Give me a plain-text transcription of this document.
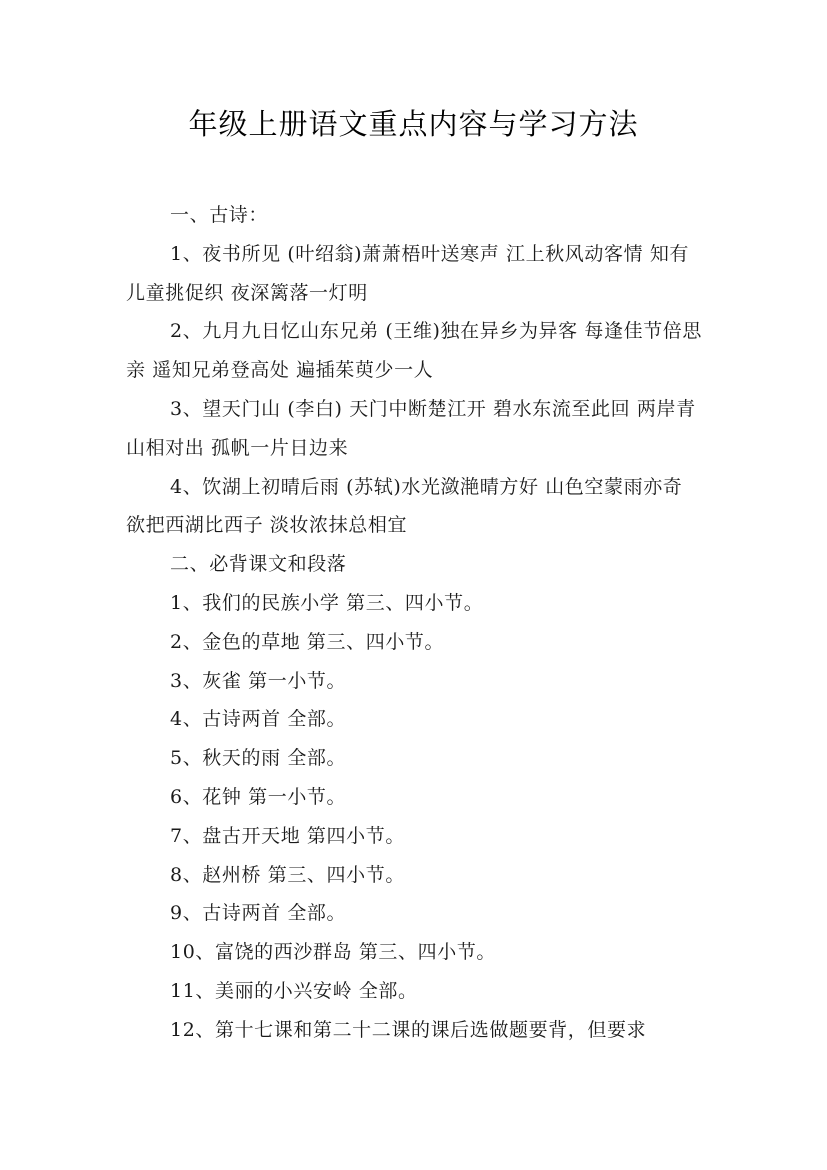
年级上册语文重点内容与学习方法

一、古诗：

1、夜书所见 (叶绍翁)萧萧梧叶送寒声 江上秋风动客情 知有儿童挑促织 夜深篱落一灯明

2、九月九日忆山东兄弟 (王维)独在异乡为异客 每逢佳节倍思亲 遥知兄弟登高处 遍插茱萸少一人

3、望天门山 (李白) 天门中断楚江开 碧水东流至此回 两岸青山相对出 孤帆一片日边来

4、饮湖上初晴后雨 (苏轼)水光潋滟晴方好 山色空蒙雨亦奇 欲把西湖比西子 淡妆浓抹总相宜

二、必背课文和段落

1、我们的民族小学 第三、四小节。

2、金色的草地 第三、四小节。

3、灰雀 第一小节。

4、古诗两首 全部。

5、秋天的雨 全部。

6、花钟 第一小节。

7、盘古开天地 第四小节。

8、赵州桥 第三、四小节。

9、古诗两首 全部。

10、富饶的西沙群岛 第三、四小节。

11、美丽的小兴安岭 全部。

12、第十七课和第二十二课的课后选做题要背，但要求
